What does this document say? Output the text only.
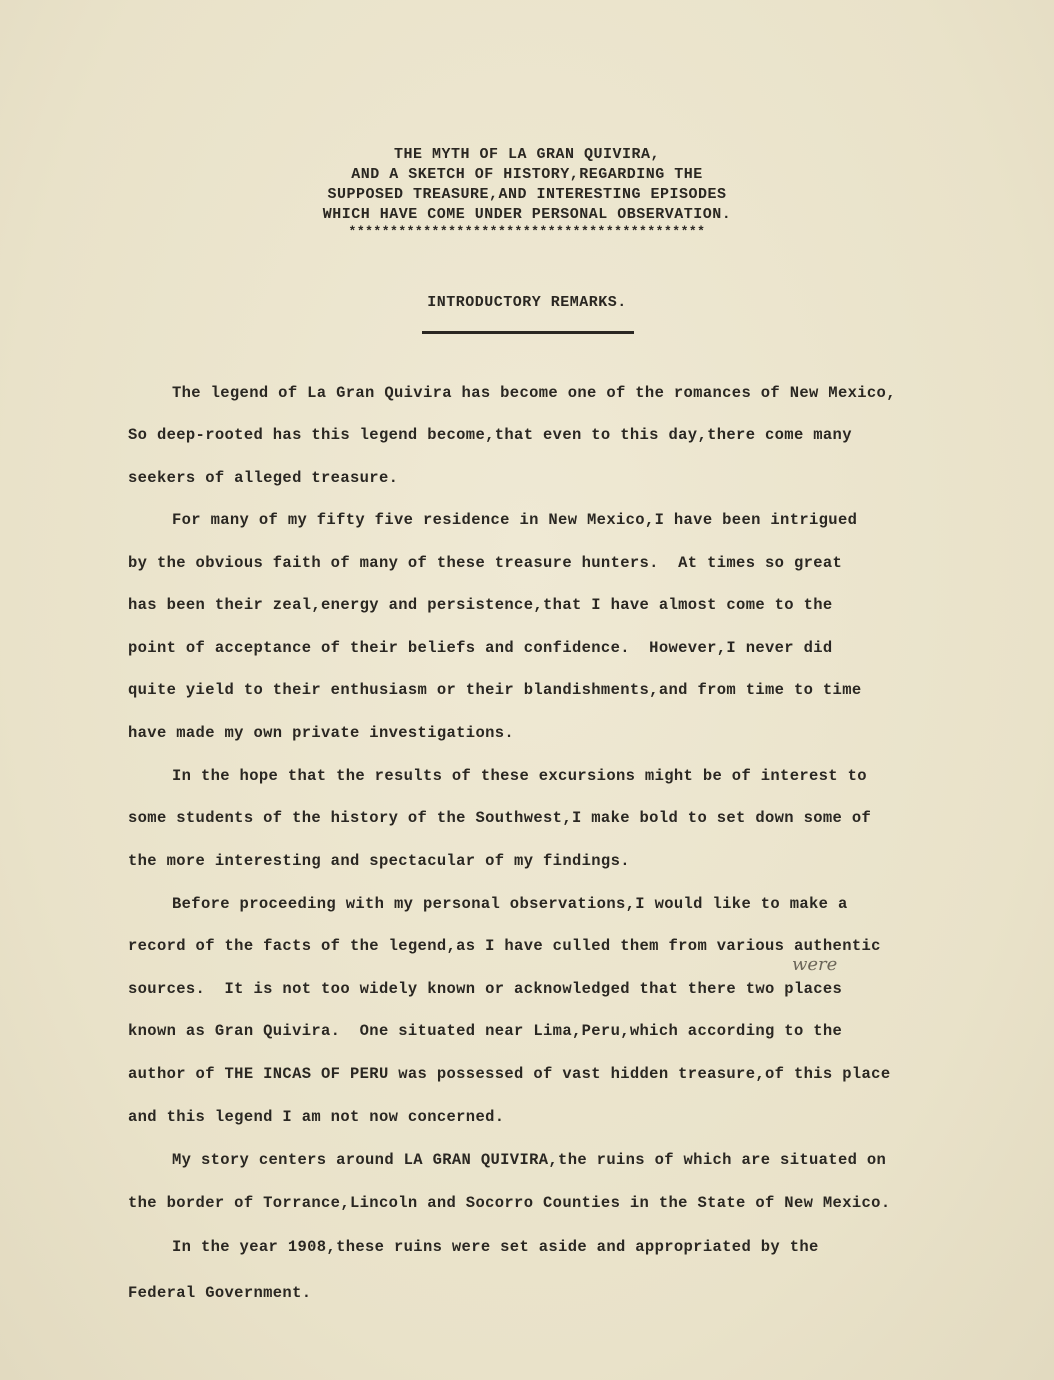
THE MYTH OF LA GRAN QUIVIRA,
AND A SKETCH OF HISTORY,REGARDING THE
SUPPOSED TREASURE,AND INTERESTING EPISODES
WHICH HAVE COME UNDER PERSONAL OBSERVATION.
*******************************************
INTRODUCTORY REMARKS.
The legend of La Gran Quivira has become one of the romances of New Mexico,
So deep-rooted has this legend become,that even to this day,there come many
seekers of alleged treasure.
For many of my fifty five residence in New Mexico,I have been intrigued
by the obvious faith of many of these treasure hunters.  At times so great
has been their zeal,energy and persistence,that I have almost come to the
point of acceptance of their beliefs and confidence.  However,I never did
quite yield to their enthusiasm or their blandishments,and from time to time
have made my own private investigations.
In the hope that the results of these excursions might be of interest to
some students of the history of the Southwest,I make bold to set down some of
the more interesting and spectacular of my findings.
Before proceeding with my personal observations,I would like to make a
record of the facts of the legend,as I have culled them from various authentic
were
sources.  It is not too widely known or acknowledged that there two places
known as Gran Quivira.  One situated near Lima,Peru,which according to the
author of THE INCAS OF PERU was possessed of vast hidden treasure,of this place
and this legend I am not now concerned.
My story centers around LA GRAN QUIVIRA,the ruins of which are situated on
the border of Torrance,Lincoln and Socorro Counties in the State of New Mexico.
In the year 1908,these ruins were set aside and appropriated by the
Federal Government.
